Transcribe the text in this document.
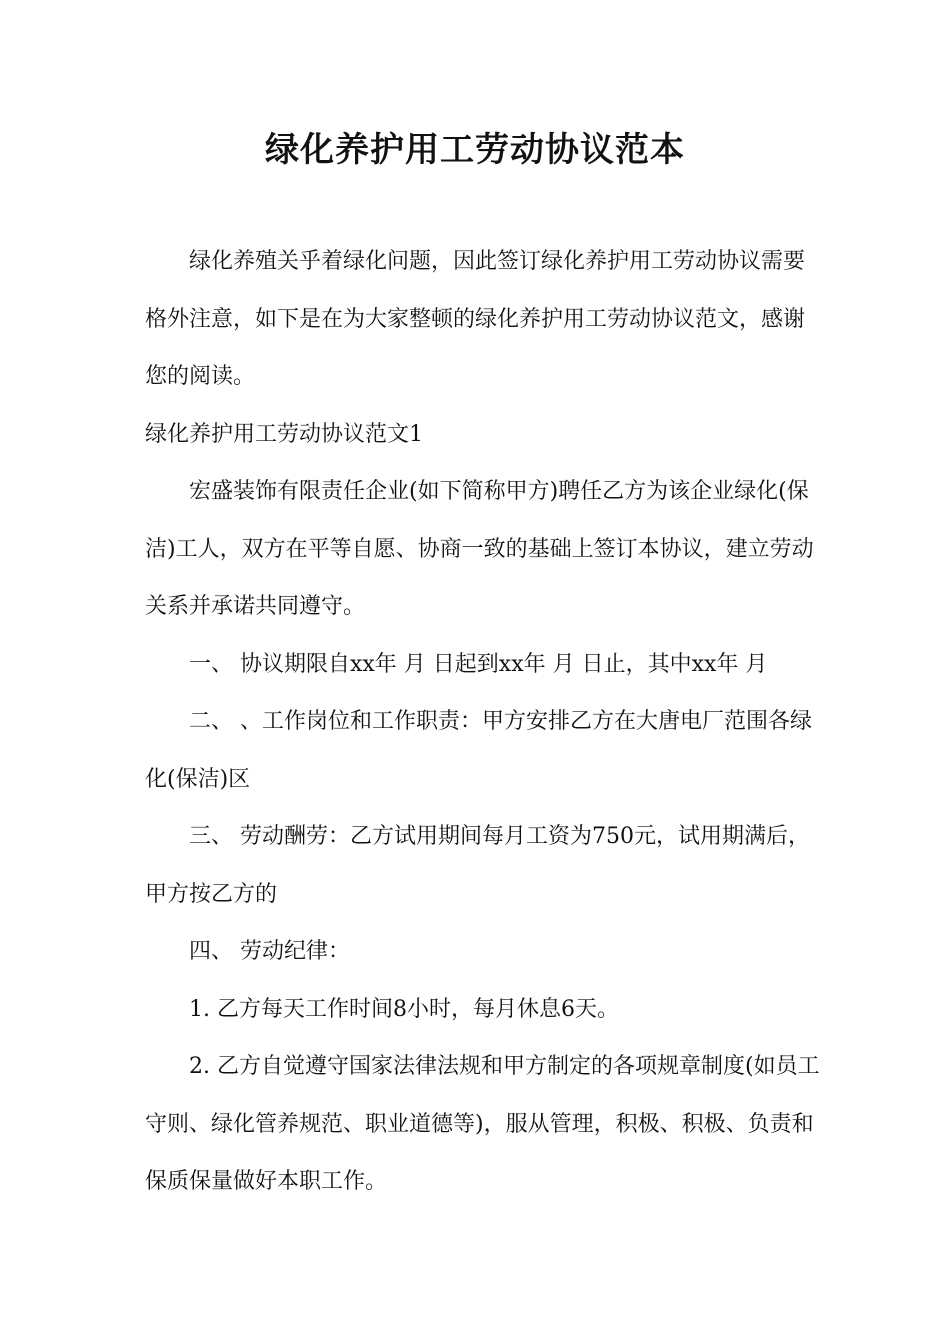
绿化养护用工劳动协议范本

绿化养殖关乎着绿化问题，因此签订绿化养护用工劳动协议需要格外注意，如下是在为大家整顿的绿化养护用工劳动协议范文，感谢您的阅读。

绿化养护用工劳动协议范文1

宏盛装饰有限责任企业(如下简称甲方)聘任乙方为该企业绿化(保洁)工人，双方在平等自愿、协商一致的基础上签订本协议，建立劳动关系并承诺共同遵守。

一、 协议期限自xx年 月 日起到xx年 月 日止，其中xx年 月

二、 、工作岗位和工作职责：甲方安排乙方在大唐电厂范围各绿化(保洁)区

三、 劳动酬劳：乙方试用期间每月工资为750元，试用期满后，甲方按乙方的

四、 劳动纪律：

1. 乙方每天工作时间8小时，每月休息6天。

2. 乙方自觉遵守国家法律法规和甲方制定的各项规章制度(如员工守则、绿化管养规范、职业道德等)，服从管理，积极、积极、负责和保质保量做好本职工作。
